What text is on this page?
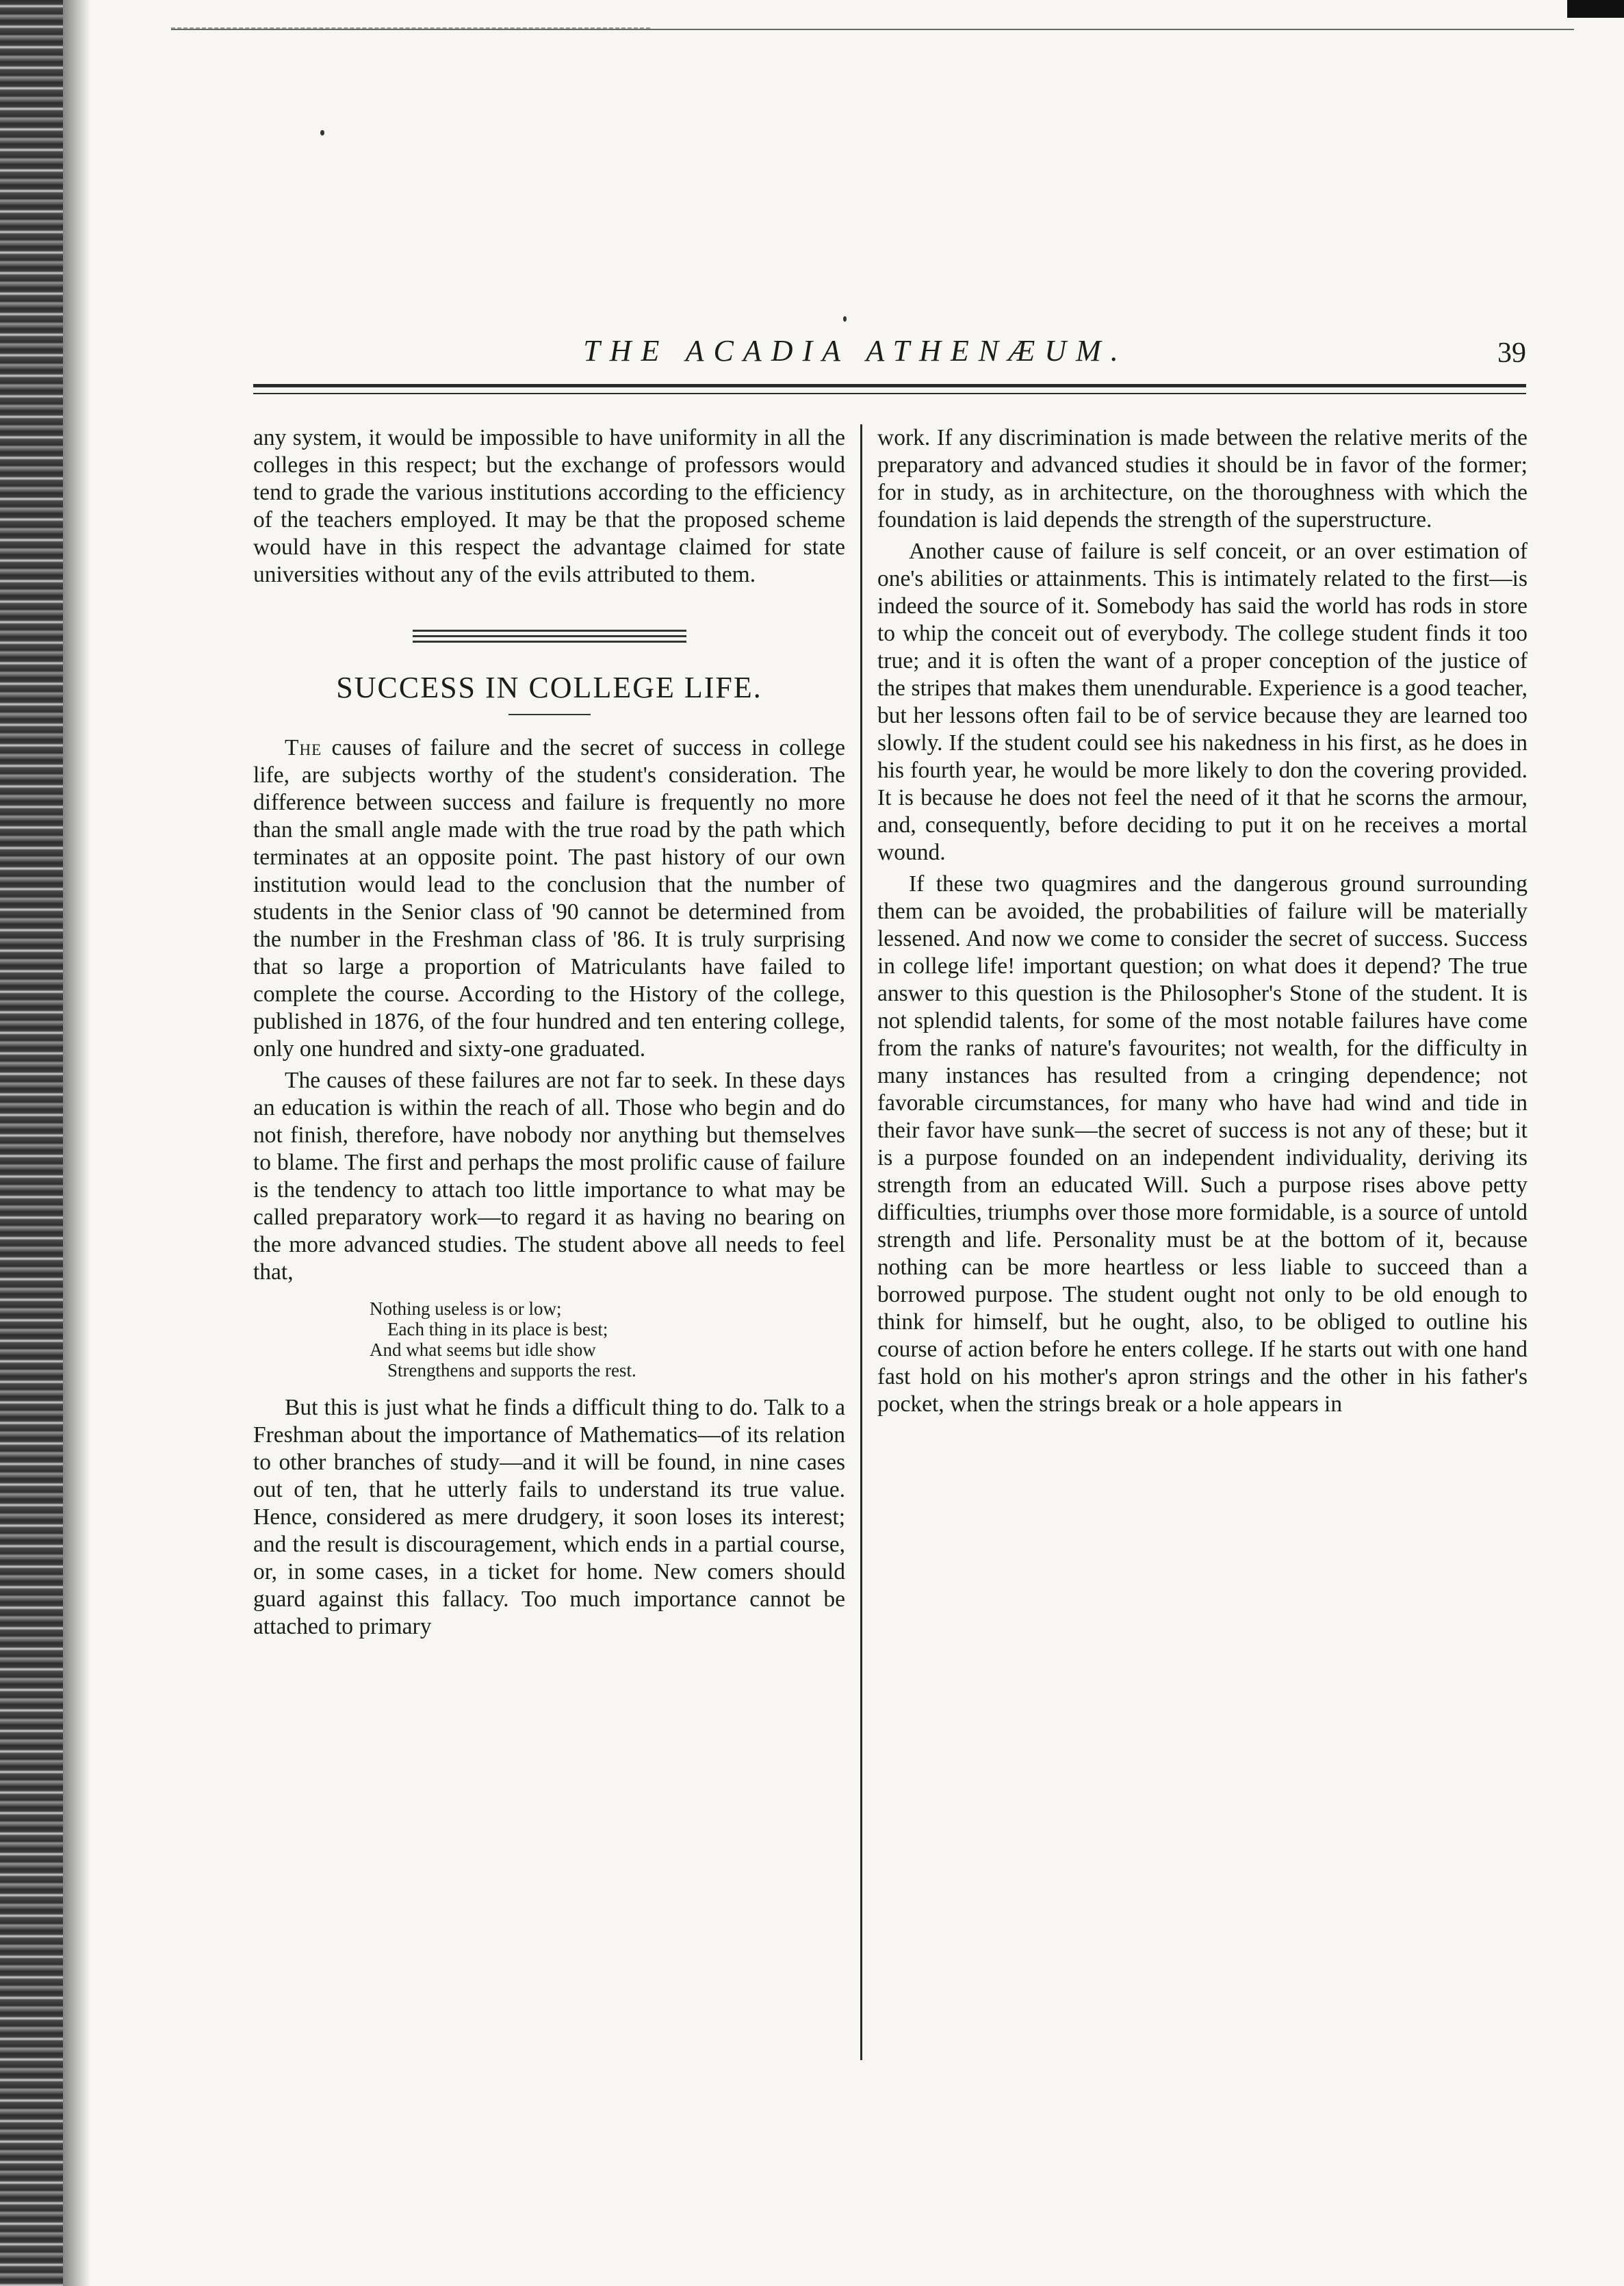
THE ACADIA ATHENÆUM.	39

any system, it would be impossible to have uniformity in all the colleges in this respect; but the exchange of professors would tend to grade the various institutions according to the efficiency of the teachers employed. It may be that the proposed scheme would have in this respect the advantage claimed for state universities without any of the evils attributed to them.

SUCCESS IN COLLEGE LIFE.

The causes of failure and the secret of success in college life, are subjects worthy of the student's consideration. The difference between success and failure is frequently no more than the small angle made with the true road by the path which terminates at an opposite point. The past history of our own institution would lead to the conclusion that the number of students in the Senior class of '90 cannot be determined from the number in the Freshman class of '86. It is truly surprising that so large a proportion of Matriculants have failed to complete the course. According to the History of the college, published in 1876, of the four hundred and ten entering college, only one hundred and sixty-one graduated.

The causes of these failures are not far to seek. In these days an education is within the reach of all. Those who begin and do not finish, therefore, have nobody nor anything but themselves to blame. The first and perhaps the most prolific cause of failure is the tendency to attach too little importance to what may be called preparatory work—to regard it as having no bearing on the more advanced studies. The student above all needs to feel that,

Nothing useless is or low;
Each thing in its place is best;
And what seems but idle show
Strengthens and supports the rest.

But this is just what he finds a difficult thing to do. Talk to a Freshman about the importance of Mathematics—of its relation to other branches of study—and it will be found, in nine cases out of ten, that he utterly fails to understand its true value. Hence, considered as mere drudgery, it soon loses its interest; and the result is discouragement, which ends in a partial course, or, in some cases, in a ticket for home. New comers should guard against this fallacy. Too much importance cannot be attached to primary

work. If any discrimination is made between the relative merits of the preparatory and advanced studies it should be in favor of the former; for in study, as in architecture, on the thoroughness with which the foundation is laid depends the strength of the superstructure.

Another cause of failure is self conceit, or an over estimation of one's abilities or attainments. This is intimately related to the first—is indeed the source of it. Somebody has said the world has rods in store to whip the conceit out of everybody. The college student finds it too true; and it is often the want of a proper conception of the justice of the stripes that makes them unendurable. Experience is a good teacher, but her lessons often fail to be of service because they are learned too slowly. If the student could see his nakedness in his first, as he does in his fourth year, he would be more likely to don the covering provided. It is because he does not feel the need of it that he scorns the armour, and, consequently, before deciding to put it on he receives a mortal wound.

If these two quagmires and the dangerous ground surrounding them can be avoided, the probabilities of failure will be materially lessened. And now we come to consider the secret of success. Success in college life! important question; on what does it depend? The true answer to this question is the Philosopher's Stone of the student. It is not splendid talents, for some of the most notable failures have come from the ranks of nature's favourites; not wealth, for the difficulty in many instances has resulted from a cringing dependence; not favorable circumstances, for many who have had wind and tide in their favor have sunk—the secret of success is not any of these; but it is a purpose founded on an independent individuality, deriving its strength from an educated Will. Such a purpose rises above petty difficulties, triumphs over those more formidable, is a source of untold strength and life. Personality must be at the bottom of it, because nothing can be more heartless or less liable to succeed than a borrowed purpose. The student ought not only to be old enough to think for himself, but he ought, also, to be obliged to outline his course of action before he enters college. If he starts out with one hand fast hold on his mother's apron strings and the other in his father's pocket, when the strings break or a hole appears in
